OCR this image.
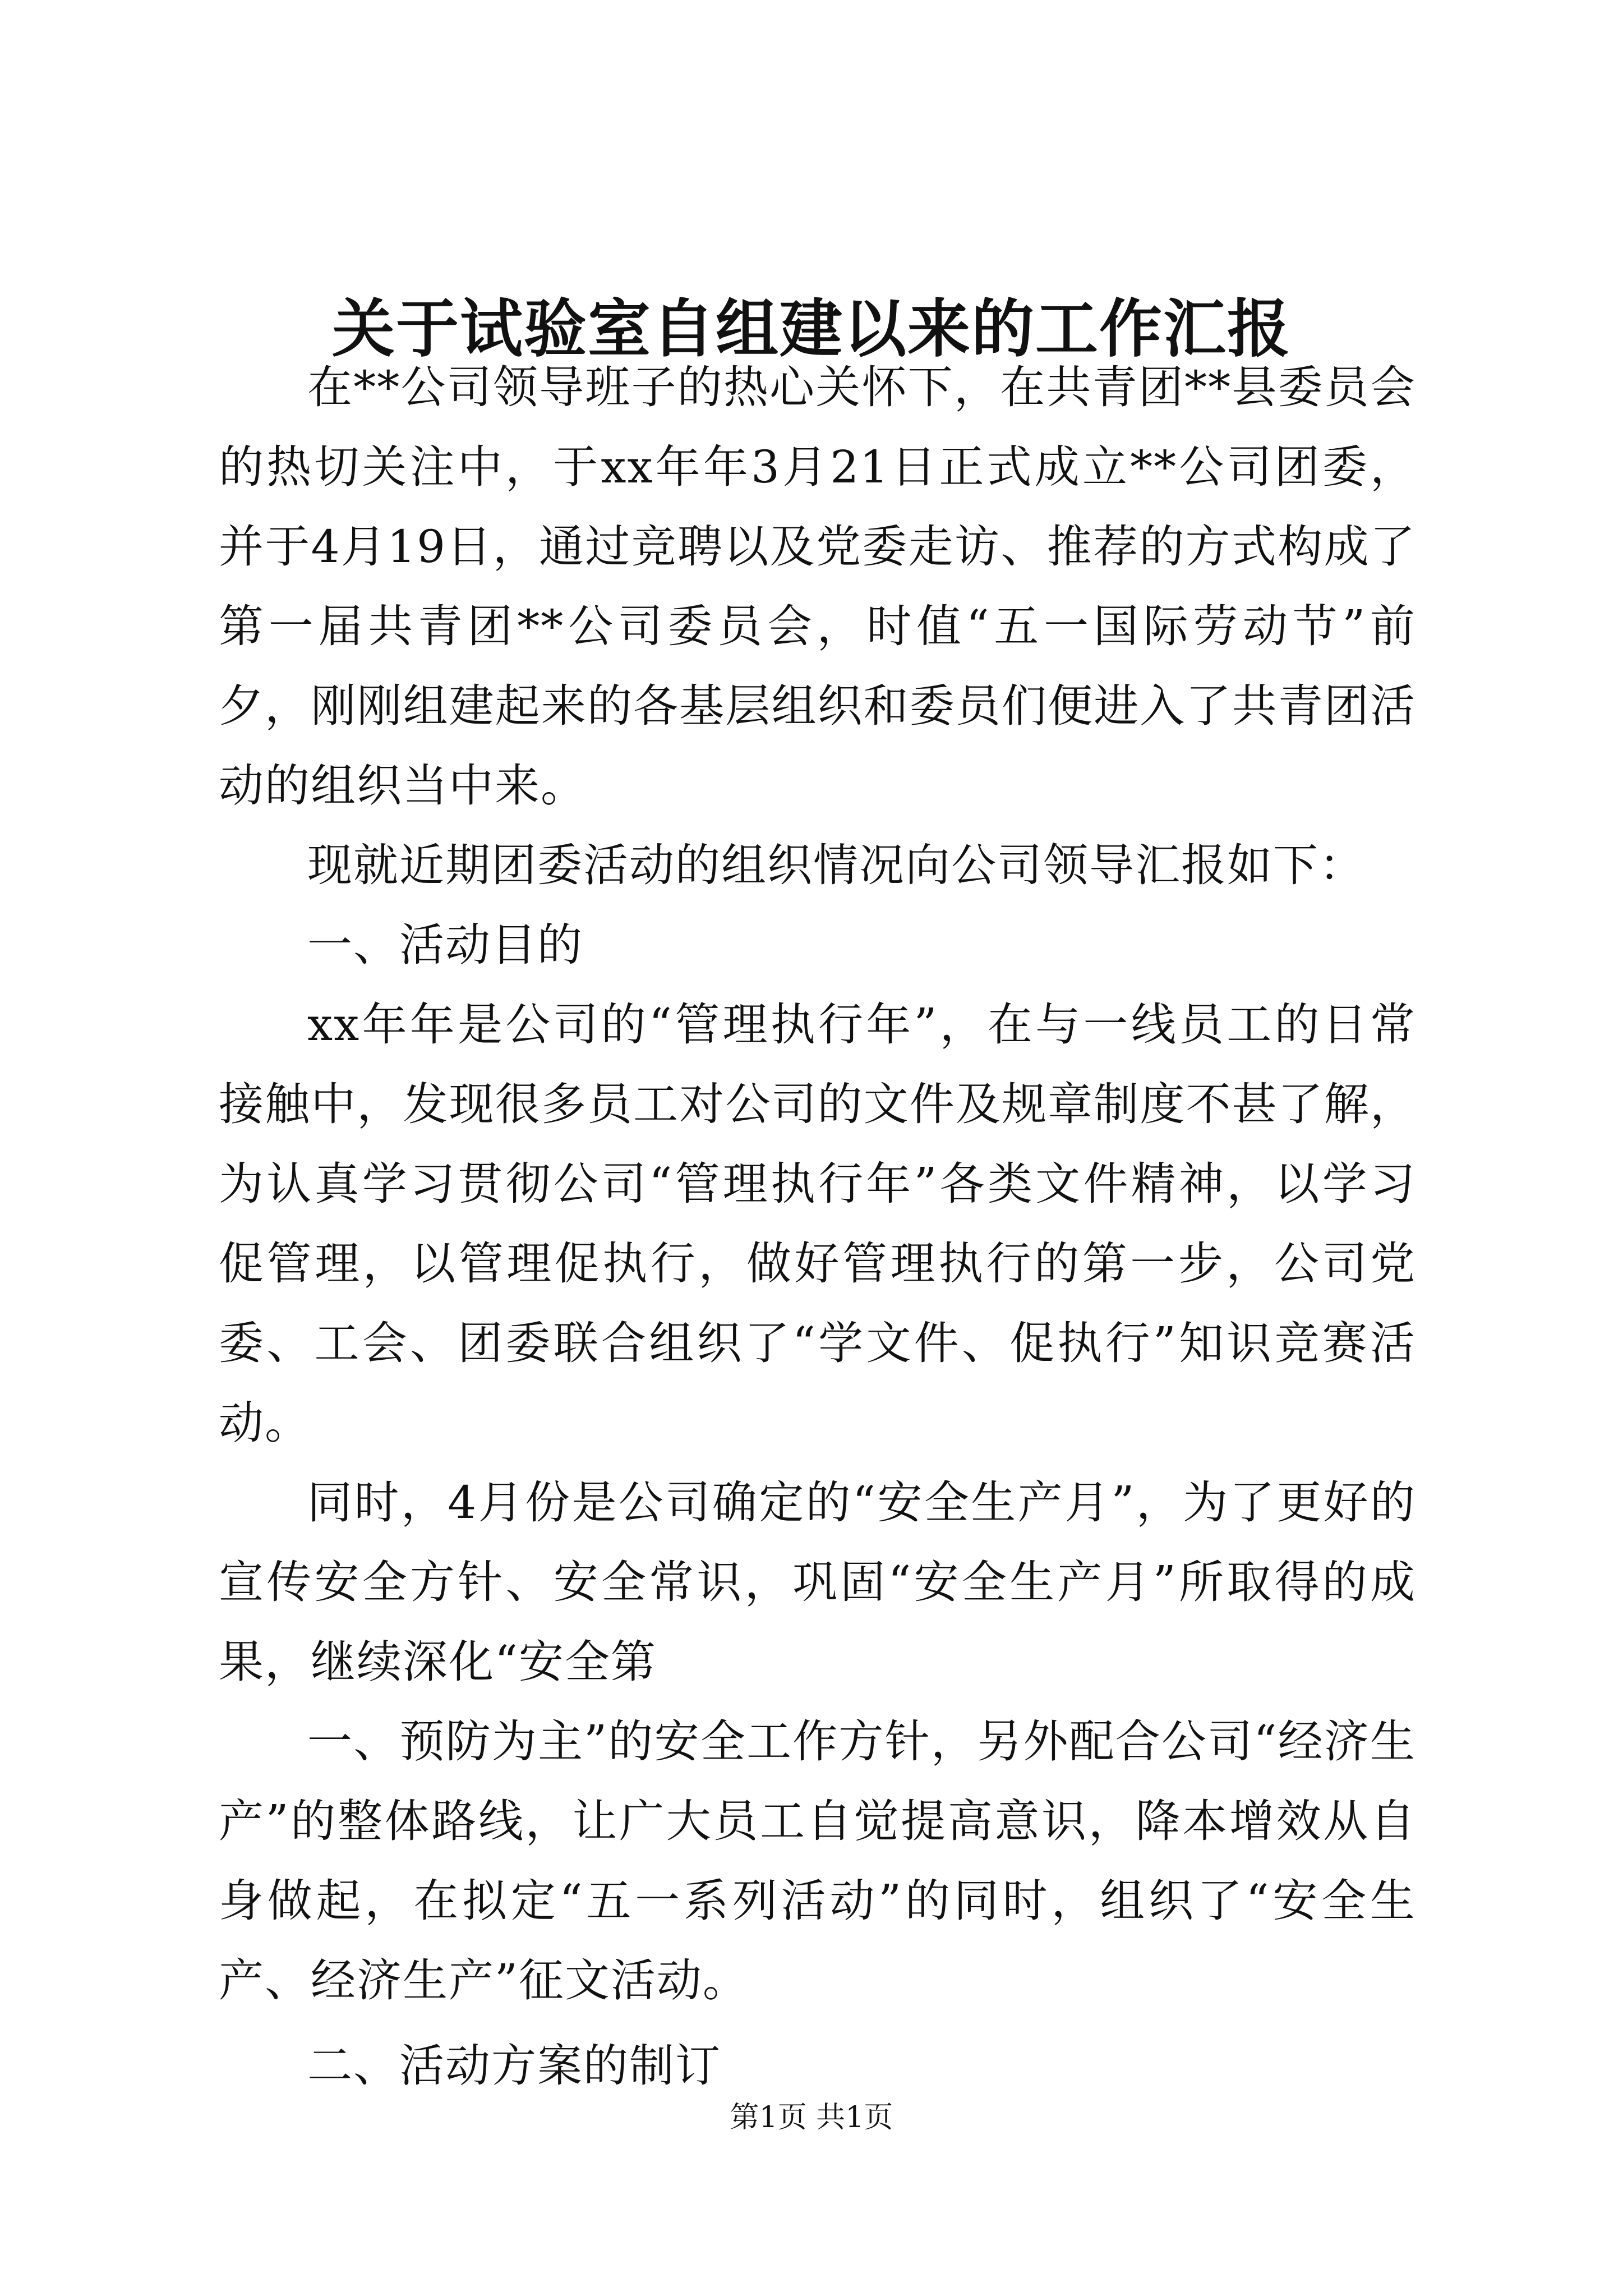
关于试验室自组建以来的工作汇报

在**公司领导班子的热心关怀下，在共青团**县委员会的热切关注中，于xx年年3月21日正式成立**公司团委，并于4月19日，通过竞聘以及党委走访、推荐的方式构成了第一届共青团**公司委员会，时值“五一国际劳动节”前夕，刚刚组建起来的各基层组织和委员们便进入了共青团活动的组织当中来。

现就近期团委活动的组织情况向公司领导汇报如下：

一、活动目的

xx年年是公司的“管理执行年”，在与一线员工的日常接触中，发现很多员工对公司的文件及规章制度不甚了解，为认真学习贯彻公司“管理执行年”各类文件精神，以学习促管理，以管理促执行，做好管理执行的第一步，公司党委、工会、团委联合组织了“学文件、促执行”知识竞赛活动。

同时，4月份是公司确定的“安全生产月”，为了更好的宣传安全方针、安全常识，巩固“安全生产月”所取得的成果，继续深化“安全第

一、预防为主”的安全工作方针，另外配合公司“经济生产”的整体路线，让广大员工自觉提高意识，降本增效从自身做起，在拟定“五一系列活动”的同时，组织了“安全生产、经济生产”征文活动。

二、活动方案的制订

第1页 共1页
